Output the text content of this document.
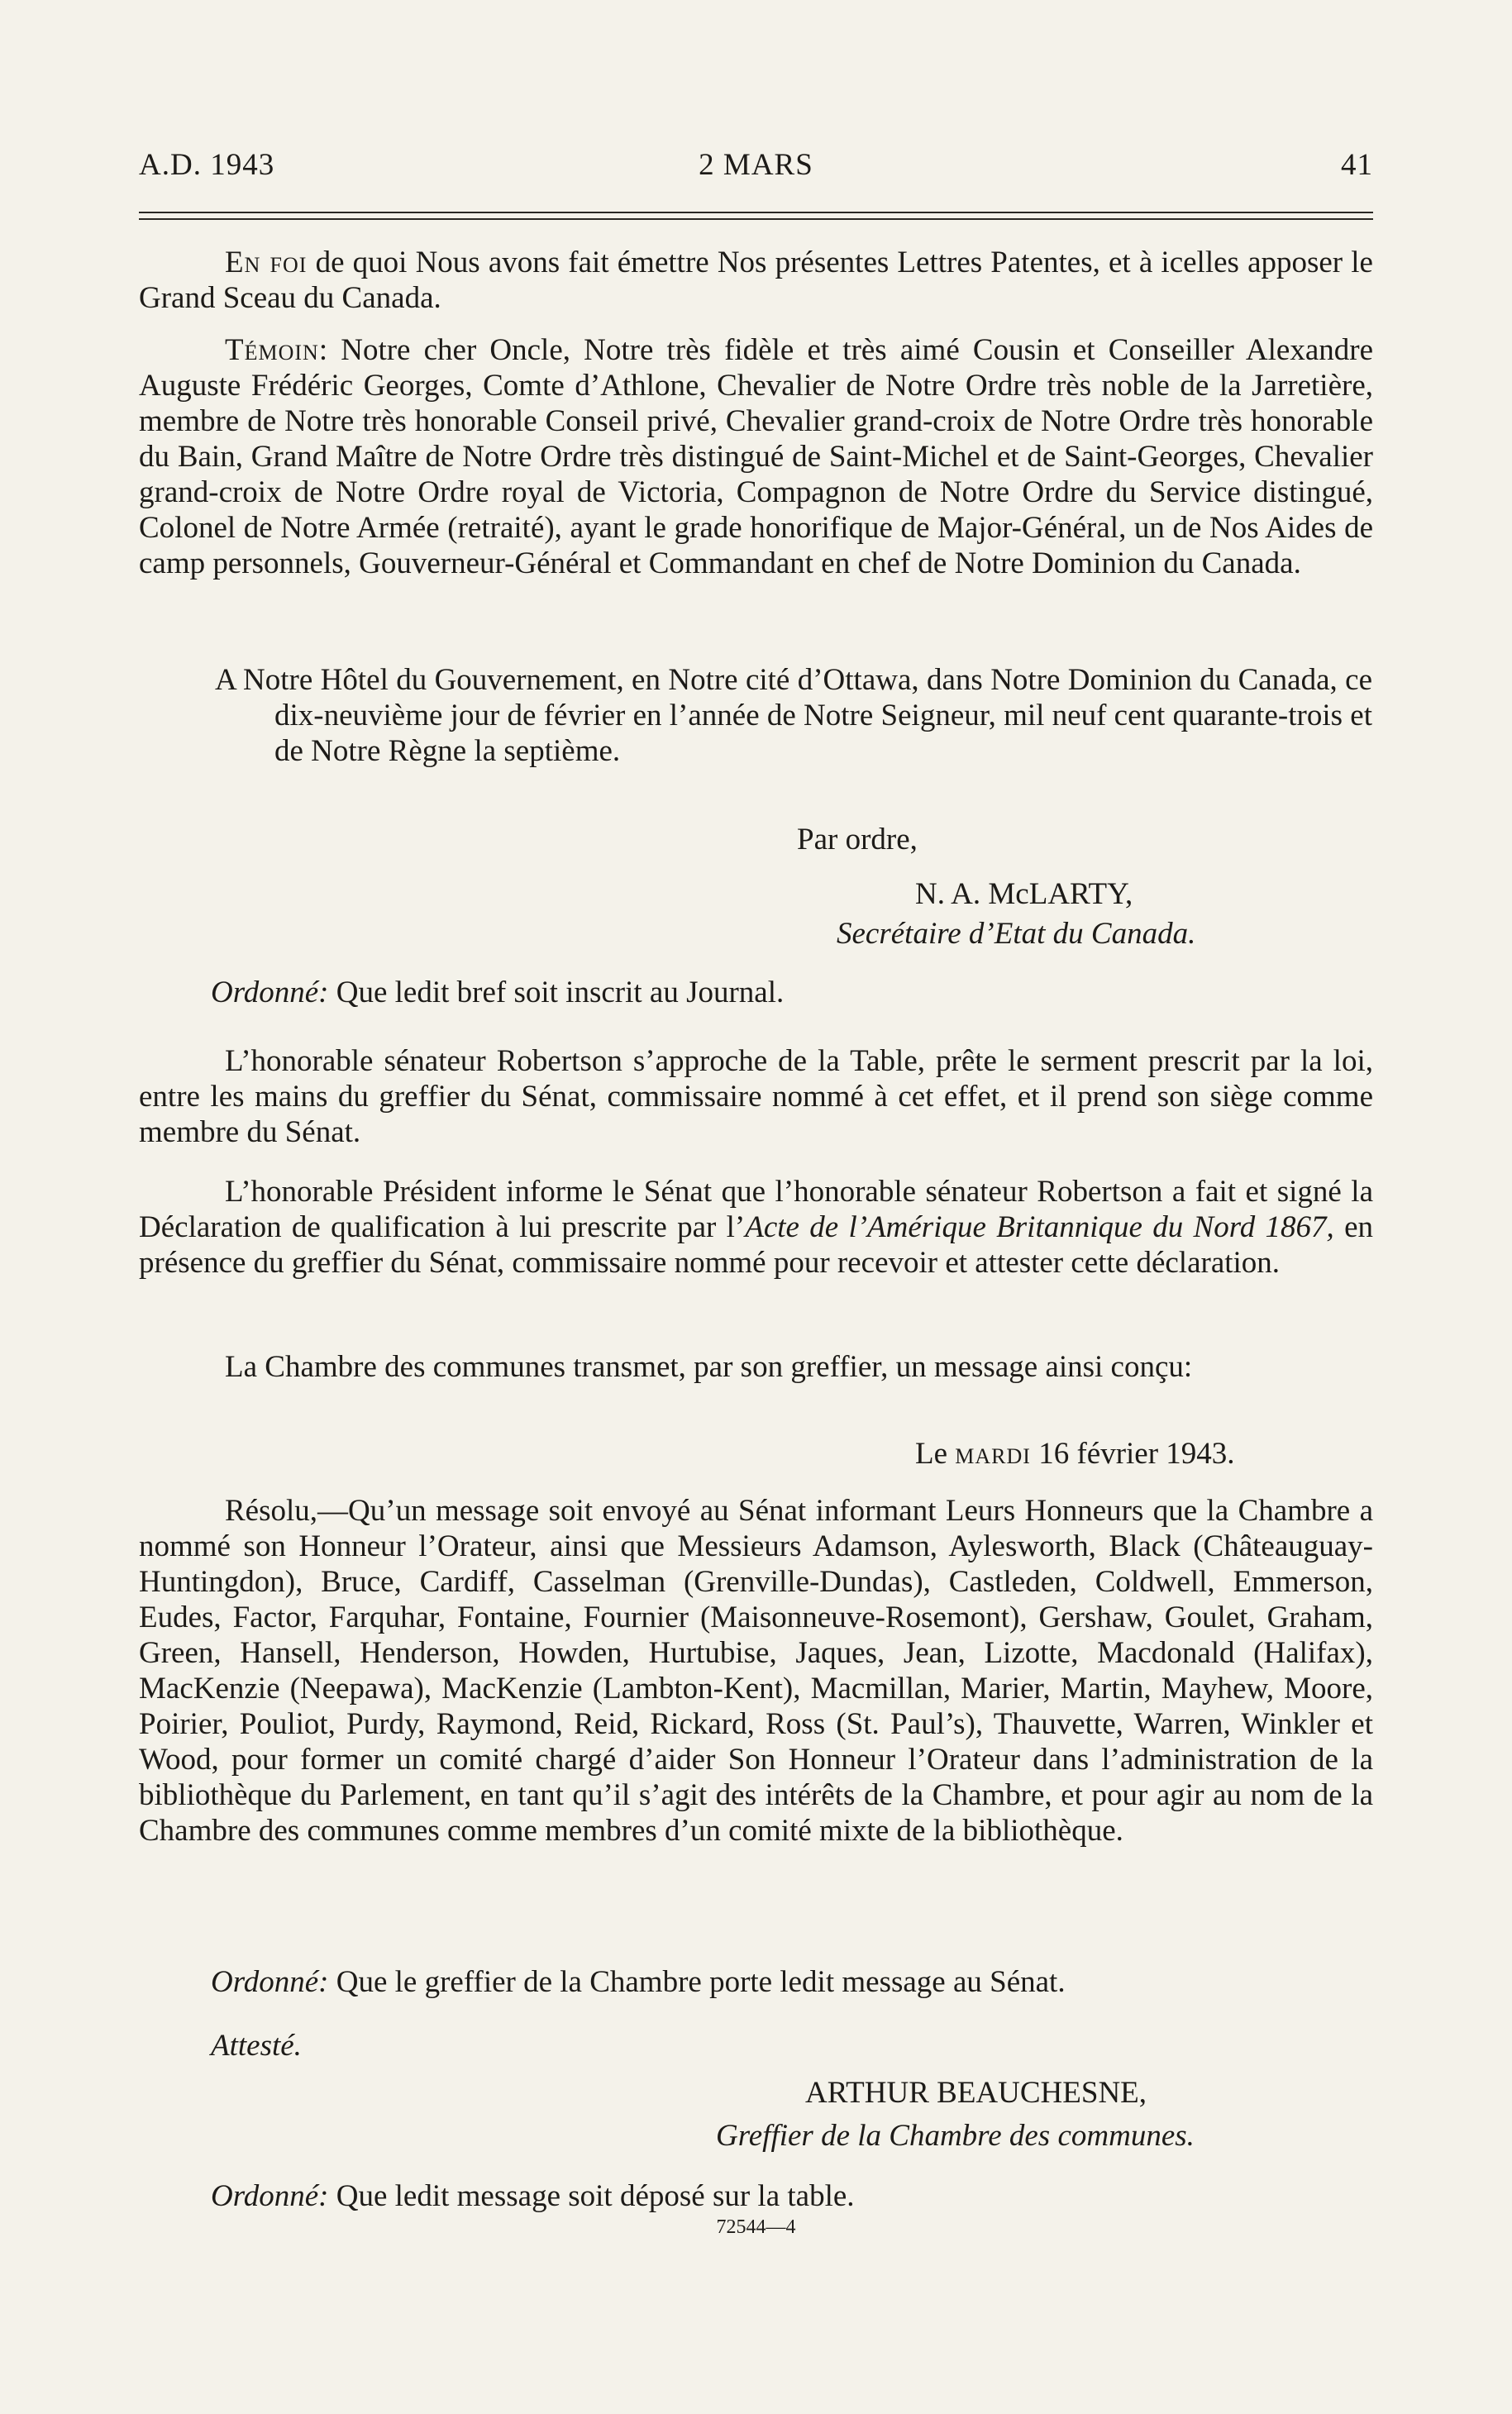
A.D. 1943	2 MARS	41
En foi de quoi Nous avons fait émettre Nos présentes Lettres Patentes, et à icelles apposer le Grand Sceau du Canada.
Témoin: Notre cher Oncle, Notre très fidèle et très aimé Cousin et Conseiller Alexandre Auguste Frédéric Georges, Comte d’Athlone, Chevalier de Notre Ordre très noble de la Jarretière, membre de Notre très honorable Conseil privé, Chevalier grand-croix de Notre Ordre très honorable du Bain, Grand Maître de Notre Ordre très distingué de Saint-Michel et de Saint-Georges, Chevalier grand-croix de Notre Ordre royal de Victoria, Compagnon de Notre Ordre du Service distingué, Colonel de Notre Armée (retraité), ayant le grade honorifique de Major-Général, un de Nos Aides de camp personnels, Gouverneur-Général et Commandant en chef de Notre Dominion du Canada.
A Notre Hôtel du Gouvernement, en Notre cité d’Ottawa, dans Notre Dominion du Canada, ce dix-neuvième jour de février en l’année de Notre Seigneur, mil neuf cent quarante-trois et de Notre Règne la septième.
Par ordre,
N. A. McLARTY,
Secrétaire d’Etat du Canada.
Ordonné: Que ledit bref soit inscrit au Journal.
L’honorable sénateur Robertson s’approche de la Table, prête le serment prescrit par la loi, entre les mains du greffier du Sénat, commissaire nommé à cet effet, et il prend son siège comme membre du Sénat.
L’honorable Président informe le Sénat que l’honorable sénateur Robertson a fait et signé la Déclaration de qualification à lui prescrite par l’Acte de l’Amérique Britannique du Nord 1867, en présence du greffier du Sénat, commissaire nommé pour recevoir et attester cette déclaration.
La Chambre des communes transmet, par son greffier, un message ainsi conçu:
Le mardi 16 février 1943.
Résolu,—Qu’un message soit envoyé au Sénat informant Leurs Honneurs que la Chambre a nommé son Honneur l’Orateur, ainsi que Messieurs Adamson, Aylesworth, Black (Châteauguay-Huntingdon), Bruce, Cardiff, Casselman (Grenville-Dundas), Castleden, Coldwell, Emmerson, Eudes, Factor, Farquhar, Fontaine, Fournier (Maisonneuve-Rosemont), Gershaw, Goulet, Graham, Green, Hansell, Henderson, Howden, Hurtubise, Jaques, Jean, Lizotte, Macdonald (Halifax), MacKenzie (Neepawa), MacKenzie (Lambton-Kent), Macmillan, Marier, Martin, Mayhew, Moore, Poirier, Pouliot, Purdy, Raymond, Reid, Rickard, Ross (St. Paul’s), Thauvette, Warren, Winkler et Wood, pour former un comité chargé d’aider Son Honneur l’Orateur dans l’administration de la bibliothèque du Parlement, en tant qu’il s’agit des intérêts de la Chambre, et pour agir au nom de la Chambre des communes comme membres d’un comité mixte de la bibliothèque.
Ordonné: Que le greffier de la Chambre porte ledit message au Sénat.
Attesté.
ARTHUR BEAUCHESNE,
Greffier de la Chambre des communes.
Ordonné: Que ledit message soit déposé sur la table.
72544—4
